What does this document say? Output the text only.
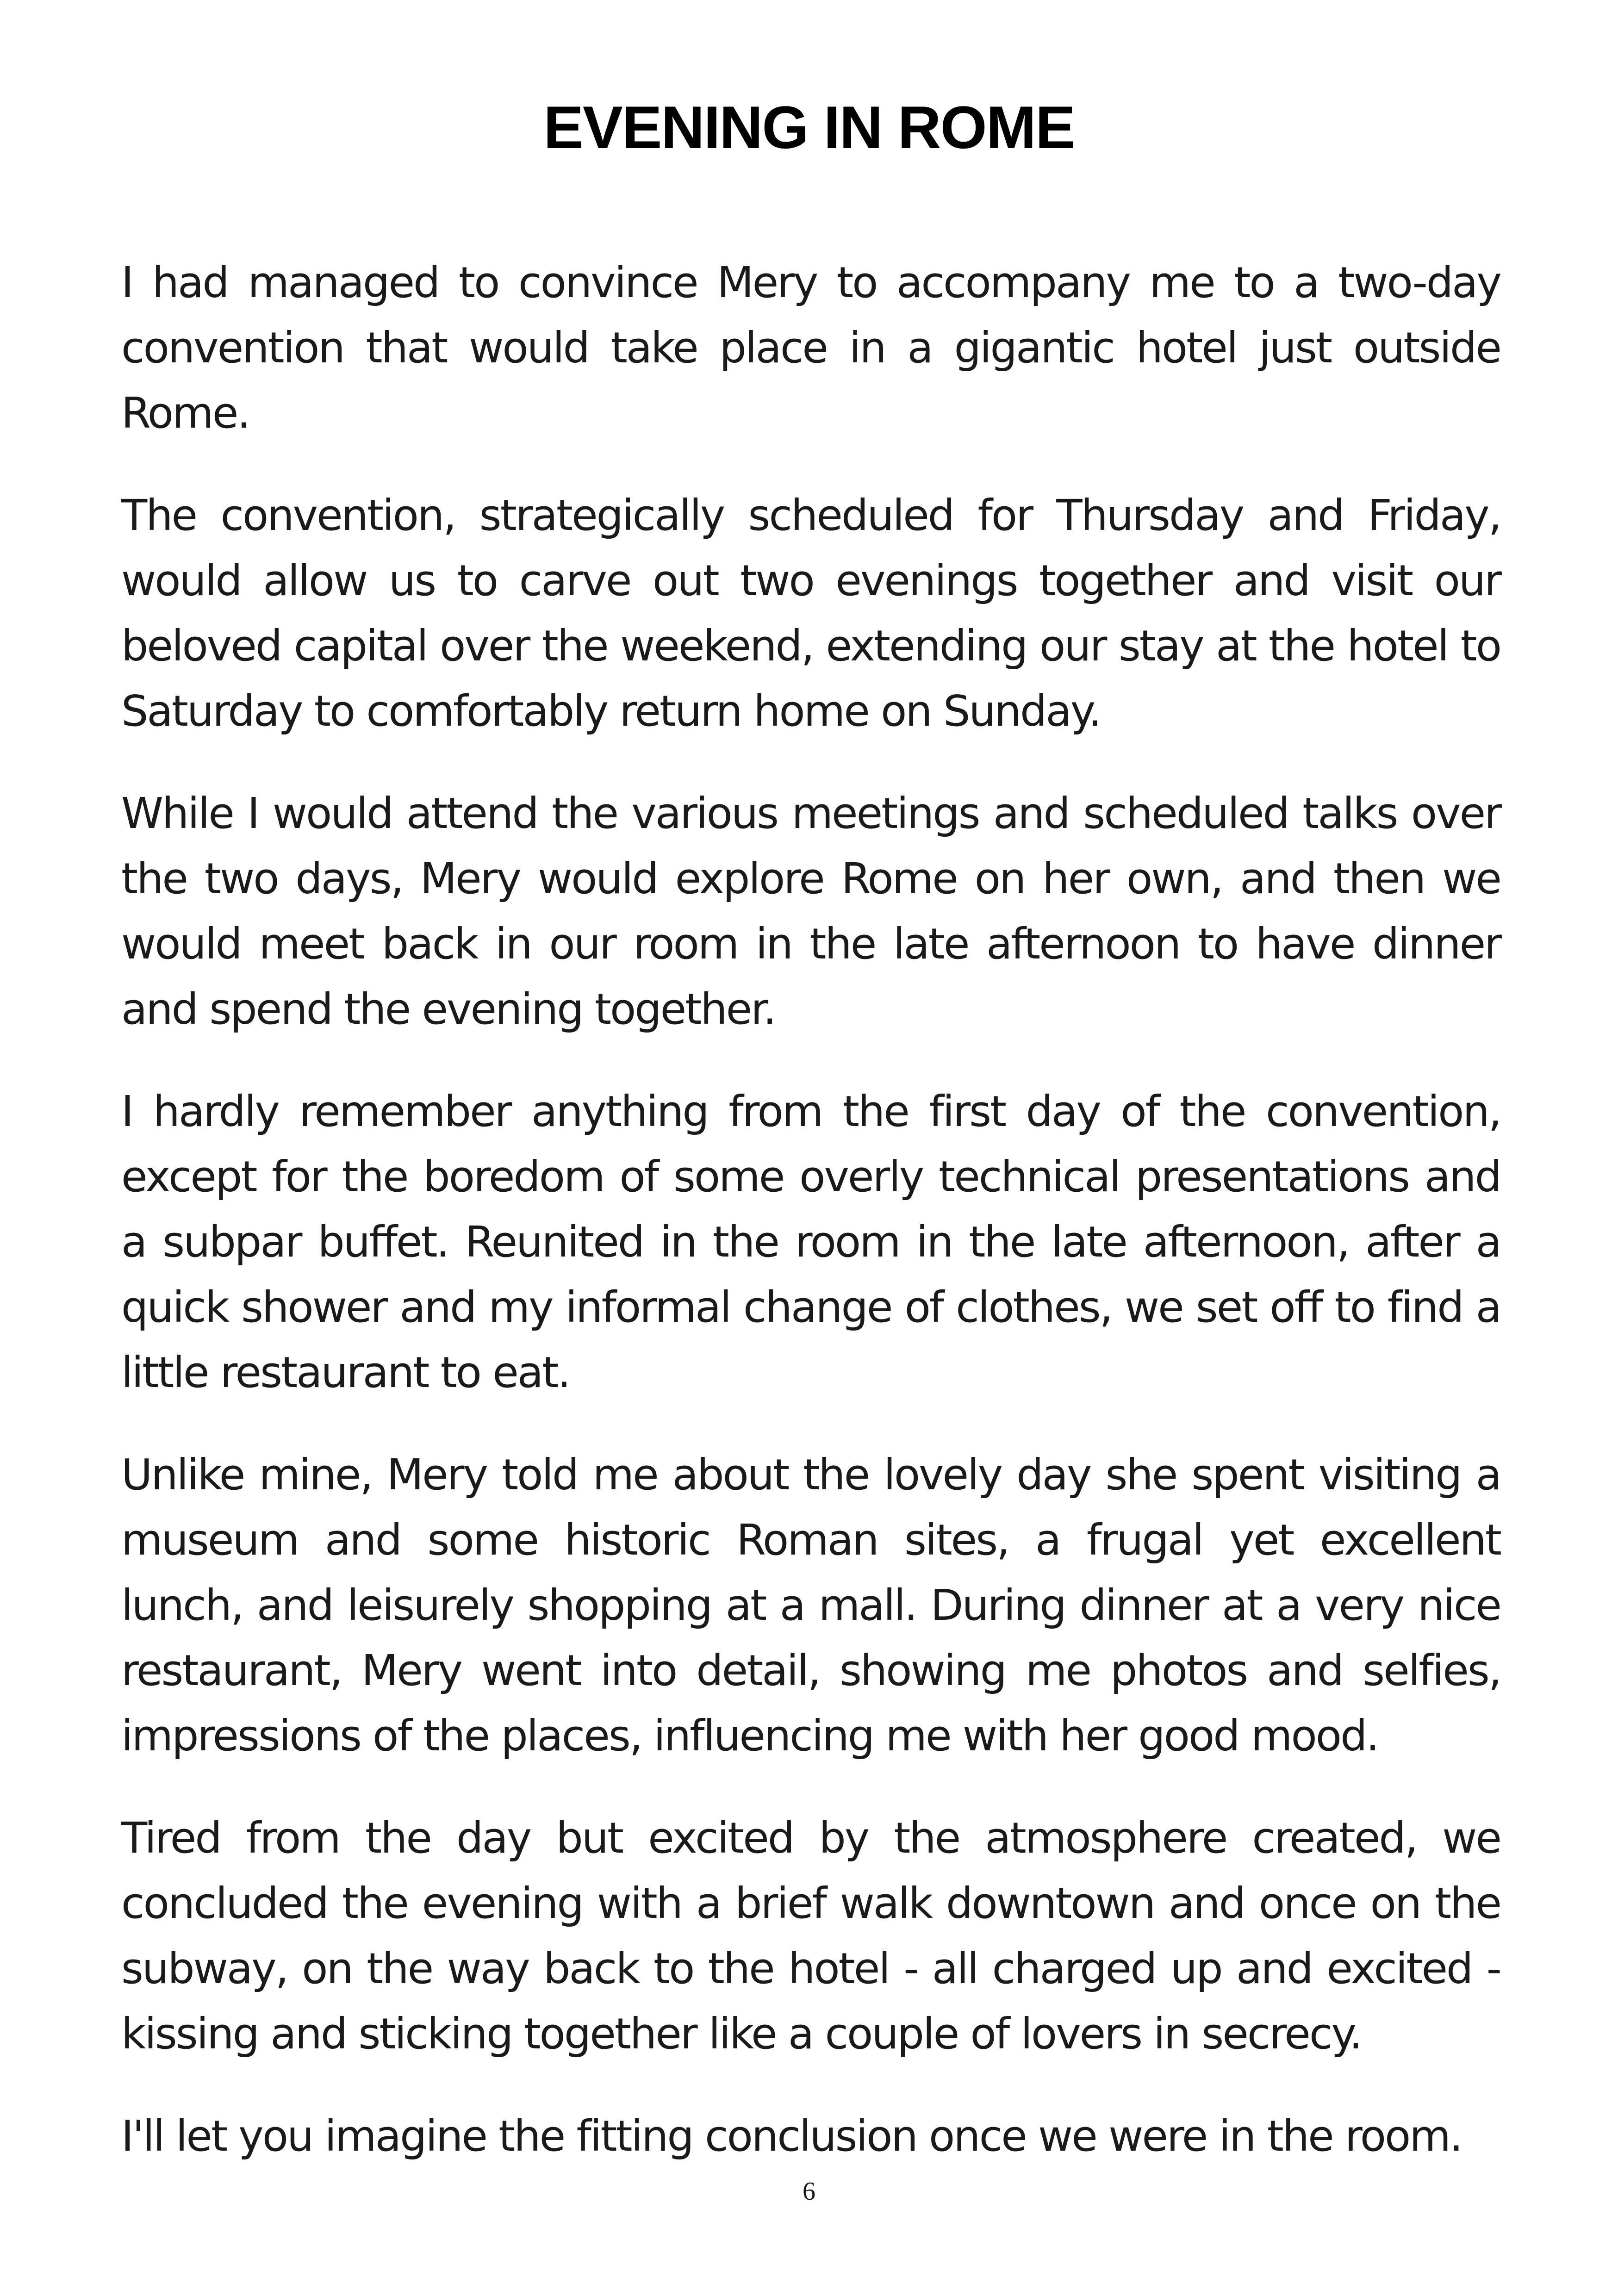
EVENING IN ROME

I had managed to convince Mery to accompany me to a two-day convention that would take place in a gigantic hotel just outside Rome.

The convention, strategically scheduled for Thursday and Friday, would allow us to carve out two evenings together and visit our beloved capital over the weekend, extending our stay at the hotel to Saturday to comfortably return home on Sunday.

While I would attend the various meetings and scheduled talks over the two days, Mery would explore Rome on her own, and then we would meet back in our room in the late afternoon to have dinner and spend the evening together.

I hardly remember anything from the first day of the convention, except for the boredom of some overly technical presentations and a subpar buffet. Reunited in the room in the late afternoon, after a quick shower and my informal change of clothes, we set off to find a little restaurant to eat.

Unlike mine, Mery told me about the lovely day she spent visiting a museum and some historic Roman sites, a frugal yet excellent lunch, and leisurely shopping at a mall. During dinner at a very nice restaurant, Mery went into detail, showing me photos and selfies, impressions of the places, influencing me with her good mood.

Tired from the day but excited by the atmosphere created, we concluded the evening with a brief walk downtown and once on the subway, on the way back to the hotel - all charged up and excited - kissing and sticking together like a couple of lovers in secrecy.

I'll let you imagine the fitting conclusion once we were in the room.

6
